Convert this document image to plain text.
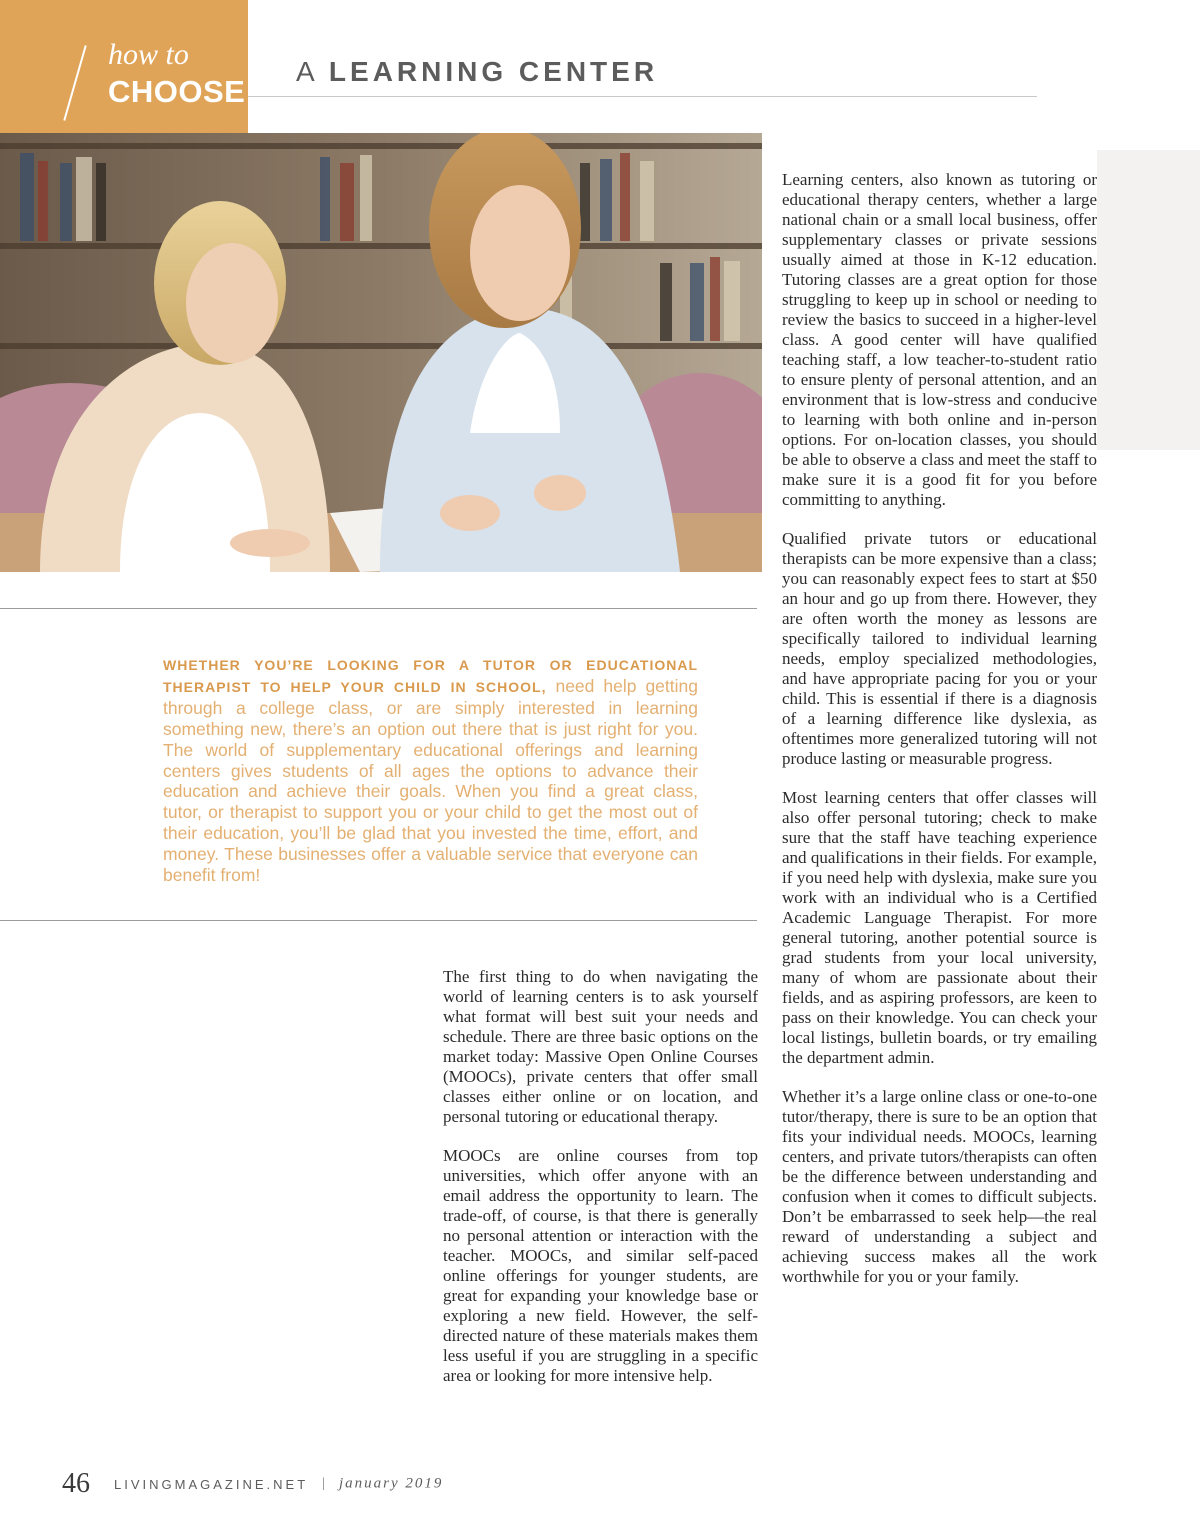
how to
CHOOSE
A LEARNING CENTER
WHETHER YOU’RE LOOKING FOR A TUTOR OR EDUCATIONAL THERAPIST TO HELP YOUR CHILD IN SCHOOL, need help getting through a college class, or are simply interested in learning something new, there’s an option out there that is just right for you. The world of supplementary educational offerings and learning centers gives students of all ages the options to advance their education and achieve their goals. When you find a great class, tutor, or therapist to support you or your child to get the most out of their education, you’ll be glad that you invested the time, effort, and money. These businesses offer a valuable service that everyone can benefit from!

Learning centers, also known as tutoring or educational therapy centers, whether a large national chain or a small local business, offer supplementary classes or private sessions usually aimed at those in K-12 education. Tutoring classes are a great option for those struggling to keep up in school or needing to review the basics to succeed in a higher-level class. A good center will have qualified teaching staff, a low teacher-to-student ratio to ensure plenty of personal attention, and an environment that is low-stress and conducive to learning with both online and in-person options. For on-location classes, you should be able to observe a class and meet the staff to make sure it is a good fit for you before committing to anything.

Qualified private tutors or educational therapists can be more expensive than a class; you can reasonably expect fees to start at $50 an hour and go up from there. However, they are often worth the money as lessons are specifically tailored to individual learning needs, employ specialized methodologies, and have appropriate pacing for you or your child. This is essential if there is a diagnosis of a learning difference like dyslexia, as oftentimes more generalized tutoring will not produce lasting or measurable progress.

Most learning centers that offer classes will also offer personal tutoring; check to make sure that the staff have teaching experience and qualifications in their fields. For example, if you need help with dyslexia, make sure you work with an individual who is a Certified Academic Language Therapist. For more general tutoring, another potential source is grad students from your local university, many of whom are passionate about their fields, and as aspiring professors, are keen to pass on their knowledge. You can check your local listings, bulletin boards, or try emailing the department admin.

Whether it’s a large online class or one-to-one tutor/therapy, there is sure to be an option that fits your individual needs. MOOCs, learning centers, and private tutors/therapists can often be the difference between understanding and confusion when it comes to difficult subjects. Don’t be embarrassed to seek help—the real reward of understanding a subject and achieving success makes all the work worthwhile for you or your family.

The first thing to do when navigating the world of learning centers is to ask yourself what format will best suit your needs and schedule. There are three basic options on the market today: Massive Open Online Courses (MOOCs), private centers that offer small classes either online or on location, and personal tutoring or educational therapy.

MOOCs are online courses from top universities, which offer anyone with an email address the opportunity to learn. The trade-off, of course, is that there is generally no personal attention or interaction with the teacher. MOOCs, and similar self-paced online offerings for younger students, are great for expanding your knowledge base or exploring a new field. However, the self-directed nature of these materials makes them less useful if you are struggling in a specific area or looking for more intensive help.

46 LIVINGMAGAZINE.NET | january 2019
